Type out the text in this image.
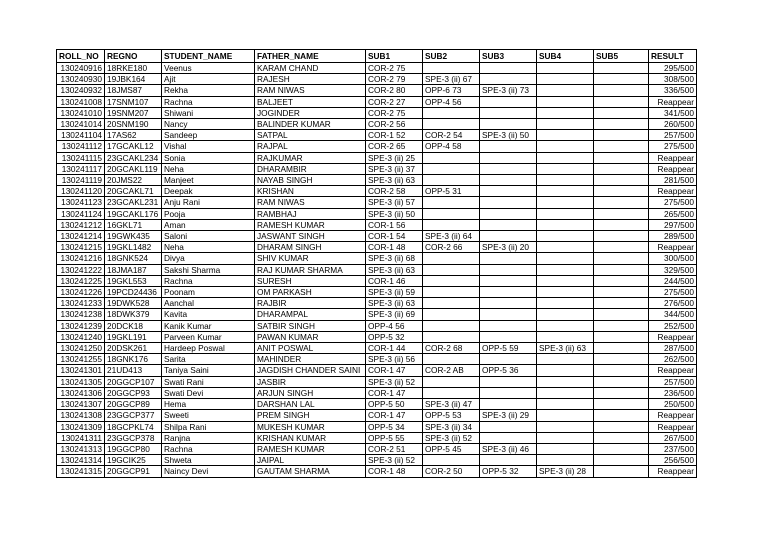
ROLL_NO	REGNO	STUDENT_NAME	FATHER_NAME	SUB1	SUB2	SUB3	SUB4	SUB5	RESULT
130240916	18RKE180	Veenus	KARAM CHAND	COR-2 75					295/500
130240930	19JBK164	Ajit	RAJESH	COR-2 79	SPE-3 (ii) 67				308/500
130240932	18JMS87	Rekha	RAM NIWAS	COR-2 80	OPP-6 73	SPE-3 (ii) 73			336/500
130241008	17SNM107	Rachna	BALJEET	COR-2 27	OPP-4 56				Reappear
130241010	19SNM207	Shiwani	JOGINDER	COR-2 75					341/500
130241014	20SNM190	Nancy	BALINDER KUMAR	COR-2 56					260/500
130241104	17AS62	Sandeep	SATPAL	COR-1 52	COR-2 54	SPE-3 (ii) 50			257/500
130241112	17GCAKL12	Vishal	RAJPAL	COR-2 65	OPP-4 58				275/500
130241115	23GCAKL234	Sonia	RAJKUMAR	SPE-3 (ii) 25					Reappear
130241117	20GCAKL119	Neha	DHARAMBIR	SPE-3 (ii) 37					Reappear
130241119	20JMS22	Manjeet	NAYAB SINGH	SPE-3 (ii) 63					281/500
130241120	20GCAKL71	Deepak	KRISHAN	COR-2 58	OPP-5 31				Reappear
130241123	23GCAKL231	Anju Rani	RAM NIWAS	SPE-3 (ii) 57					275/500
130241124	19GCAKL176	Pooja	RAMBHAJ	SPE-3 (ii) 50					265/500
130241212	16GKL71	Aman	RAMESH KUMAR	COR-1 56					297/500
130241214	19GWK435	Saloni	JASWANT SINGH	COR-1 54	SPE-3 (ii) 64				289/500
130241215	19GKL1482	Neha	DHARAM SINGH	COR-1 48	COR-2 66	SPE-3 (ii) 20			Reappear
130241216	18GNK524	Divya	SHIV KUMAR	SPE-3 (ii) 68					300/500
130241222	18JMA187	Sakshi Sharma	RAJ KUMAR SHARMA	SPE-3 (ii) 63					329/500
130241225	19GKL553	Rachna	SURESH	COR-1 46					244/500
130241226	19PCD24436	Poonam	OM PARKASH	SPE-3 (ii) 59					275/500
130241233	19DWK528	Aanchal	RAJBIR	SPE-3 (ii) 63					276/500
130241238	18DWK379	Kavita	DHARAMPAL	SPE-3 (ii) 69					344/500
130241239	20DCK18	Kanik Kumar	SATBIR SINGH	OPP-4 56					252/500
130241240	19GKL191	Parveen Kumar	PAWAN KUMAR	OPP-5 32					Reappear
130241250	20DSK261	Hardeep Poswal	ANIT POSWAL	COR-1 44	COR-2 68	OPP-5 59	SPE-3 (ii) 63		287/500
130241255	18GNK176	Sarita	MAHINDER	SPE-3 (ii) 56					262/500
130241301	21UD413	Taniya Saini	JAGDISH CHANDER SAINI	COR-1 47	COR-2 AB	OPP-5 36			Reappear
130241305	20GGCP107	Swati Rani	JASBIR	SPE-3 (ii) 52					257/500
130241306	20GGCP93	Swati Devi	ARJUN SINGH	COR-1 47					236/500
130241307	20GGCP89	Hema	DARSHAN LAL	OPP-5 50	SPE-3 (ii) 47				250/500
130241308	23GGCP377	Sweeti	PREM SINGH	COR-1 47	OPP-5 53	SPE-3 (ii) 29			Reappear
130241309	18GCPKL74	Shilpa Rani	MUKESH KUMAR	OPP-5 34	SPE-3 (ii) 34				Reappear
130241311	23GGCP378	Ranjna	KRISHAN KUMAR	OPP-5 55	SPE-3 (ii) 52				267/500
130241313	19GGCP80	Rachna	RAMESH KUMAR	COR-2 51	OPP-5 45	SPE-3 (ii) 46			237/500
130241314	19GCIK25	Shweta	JAIPAL	SPE-3 (ii) 52					256/500
130241315	20GGCP91	Naincy Devi	GAUTAM SHARMA	COR-1 48	COR-2 50	OPP-5 32	SPE-3 (ii) 28		Reappear
